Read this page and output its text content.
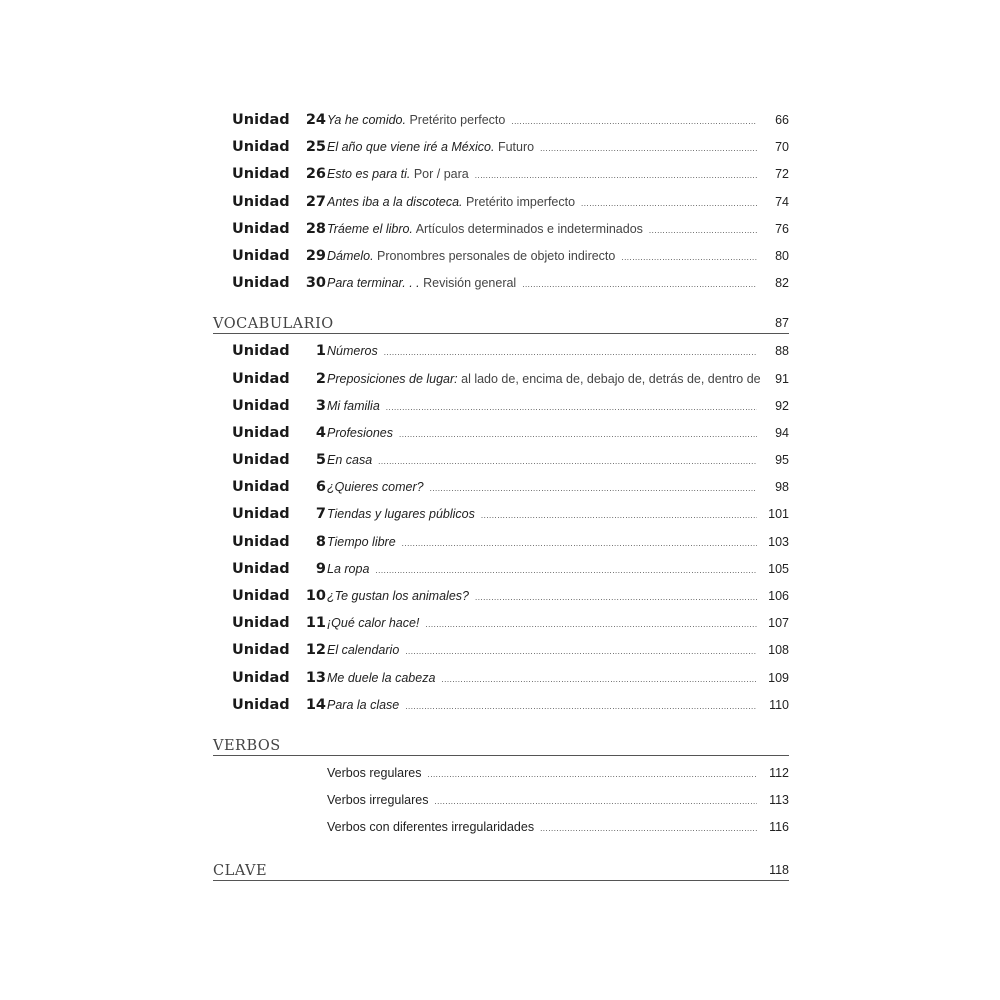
Unidad	24 Ya he comido. Pretérito perfecto .....	66
Unidad	25 El año que viene iré a México. Futuro .....	70
Unidad	26 Esto es para ti. Por / para .....	72
Unidad	27 Antes iba a la discoteca. Pretérito imperfecto .....	74
Unidad	28 Tráeme el libro. Artículos determinados e indeterminados .....	76
Unidad	29 Dámelo. Pronombres personales de objeto indirecto .....	80
Unidad	30 Para terminar. . . Revisión general .....	82
VOCABULARIO	87
Unidad	1 Números .....	88
Unidad	2 Preposiciones de lugar: al lado de, encima de, debajo de, detrás de, dentro de	91
Unidad	3 Mi familia .....	92
Unidad	4 Profesiones .....	94
Unidad	5 En casa .....	95
Unidad	6 ¿Quieres comer? .....	98
Unidad	7 Tiendas y lugares públicos .....	101
Unidad	8 Tiempo libre .....	103
Unidad	9 La ropa .....	105
Unidad	10 ¿Te gustan los animales? .....	106
Unidad	11 ¡Qué calor hace! .....	107
Unidad	12 El calendario .....	108
Unidad	13 Me duele la cabeza .....	109
Unidad	14 Para la clase .....	110
VERBOS
Verbos regulares .....	112
Verbos irregulares .....	113
Verbos con diferentes irregularidades .....	116
CLAVE	118
